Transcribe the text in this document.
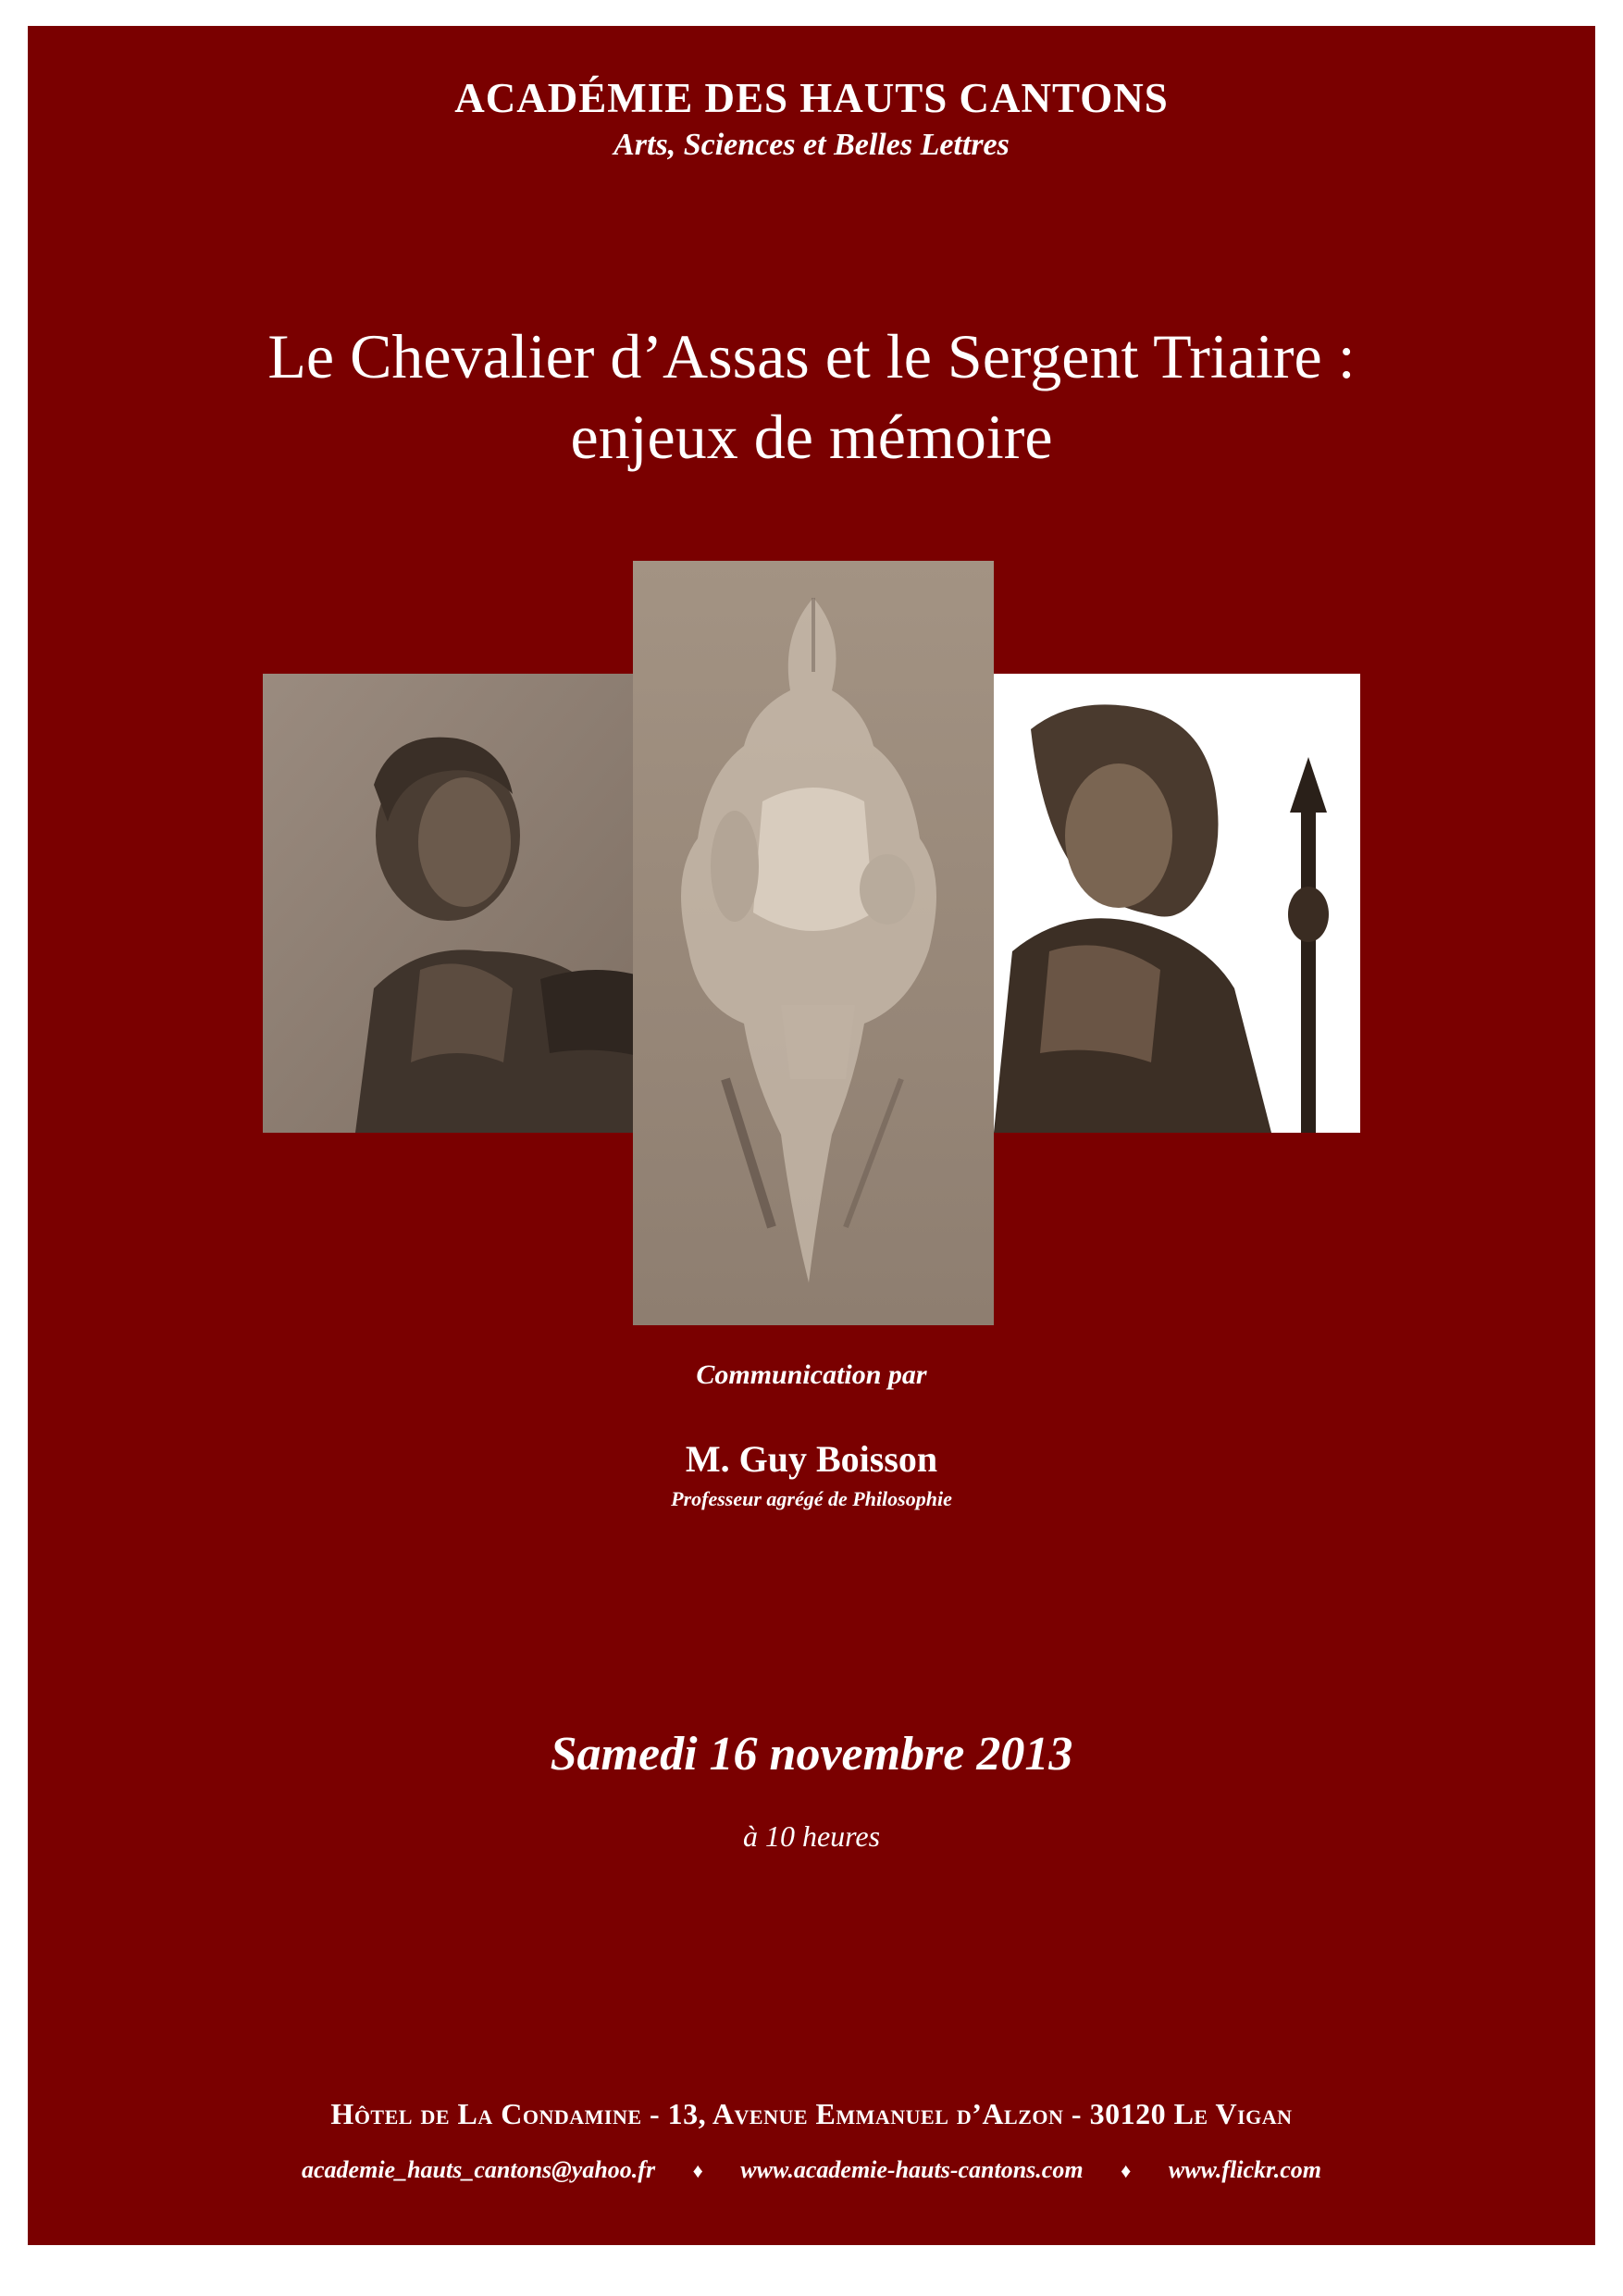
ACADÉMIE DES HAUTS CANTONS
Arts, Sciences et Belles Lettres
Le Chevalier d’Assas et le Sergent Triaire :
enjeux de mémoire
Communication par
M. Guy Boisson
Professeur agrégé de Philosophie
Samedi 16 novembre 2013
à 10 heures
Hôtel de La Condamine - 13, Avenue Emmanuel d’Alzon - 30120 Le Vigan
academie_hauts_cantons@yahoo.fr ♦ www.academie-hauts-cantons.com ♦ www.flickr.com
